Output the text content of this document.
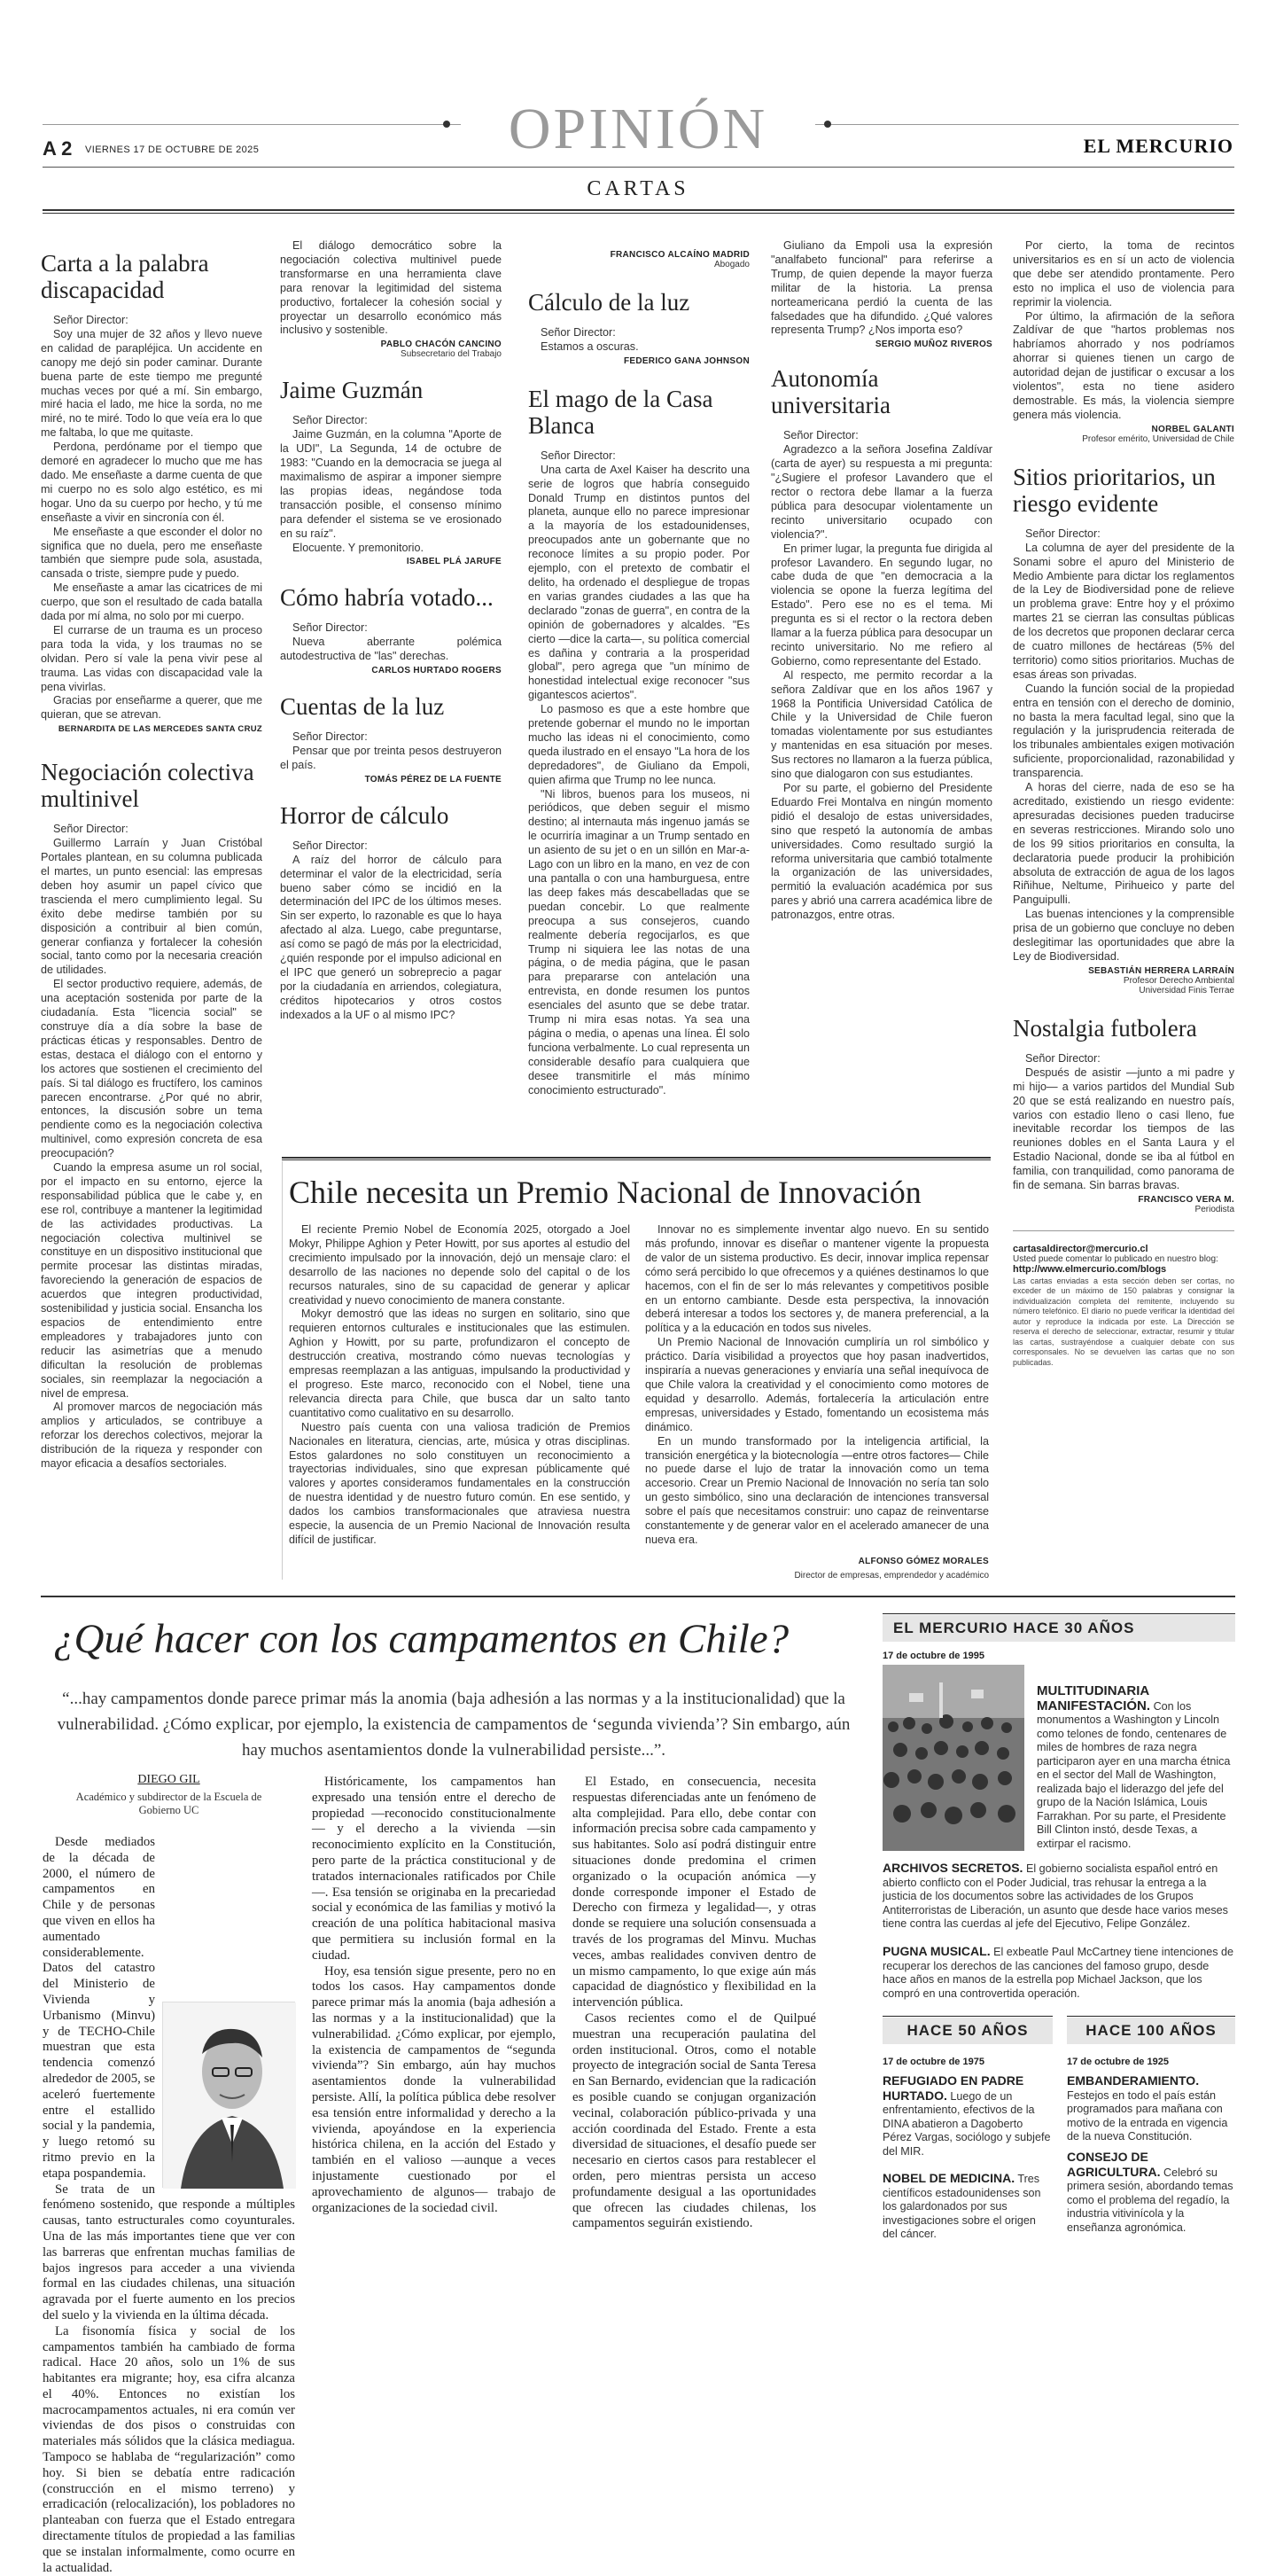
A 2 VIERNES 17 DE OCTUBRE DE 2025	OPINIÓN	EL MERCURIO
CARTAS
Carta a la palabra discapacidad

Señor Director:

Soy una mujer de 32 años y llevo nueve en calidad de parapléjica. Un accidente en canopy me dejó sin poder caminar. Durante buena parte de este tiempo me pregunté muchas veces por qué a mí. Sin embargo, miré hacia el lado, me hice la sorda, no me miré, no te miré. Todo lo que veía era lo que me faltaba, lo que me quitaste.

Perdona, perdóname por el tiempo que demoré en agradecer lo mucho que me has dado. Me enseñaste a darme cuenta de que mi cuerpo no es solo algo estético, es mi hogar. Uno da su cuerpo por hecho, y tú me enseñaste a vivir en sincronía con él.

Me enseñaste a que esconder el dolor no significa que no duela, pero me enseñaste también que siempre pude sola, asustada, cansada o triste, siempre pude y puedo.

Me enseñaste a amar las cicatrices de mi cuerpo, que son el resultado de cada batalla dada por mí alma, no solo por mi cuerpo.

El currarse de un trauma es un proceso para toda la vida, y los traumas no se olvidan. Pero sí vale la pena vivir pese al trauma. Las vidas con discapacidad vale la pena vivirlas.

Gracias por enseñarme a querer, que me quieran, que se atrevan.

BERNARDITA DE LAS MERCEDES SANTA CRUZ
Negociación colectiva multinivel

Señor Director:

Guillermo Larraín y Juan Cristóbal Portales plantean, en su columna publicada el martes, un punto esencial: las empresas deben hoy asumir un papel cívico que trascienda el mero cumplimiento legal. Su éxito debe medirse también por su disposición a contribuir al bien común, generar confianza y fortalecer la cohesión social, tanto como por la necesaria creación de utilidades.

El sector productivo requiere, además, de una aceptación sostenida por parte de la ciudadanía. Esta "licencia social" se construye día a día sobre la base de prácticas éticas y responsables. Dentro de estas, destaca el diálogo con el entorno y los actores que sostienen el crecimiento del país. Si tal diálogo es fructífero, los caminos parecen encontrarse. ¿Por qué no abrir, entonces, la discusión sobre un tema pendiente como es la negociación colectiva multinivel, como expresión concreta de esa preocupación?

Cuando la empresa asume un rol social, por el impacto en su entorno, ejerce la responsabilidad pública que le cabe y, en ese rol, contribuye a mantener la legitimidad de las actividades productivas. La negociación colectiva multinivel se constituye en un dispositivo institucional que permite procesar las distintas miradas, favoreciendo la generación de espacios de acuerdos que integren productividad, sostenibilidad y justicia social. Ensancha los espacios de entendimiento entre empleadores y trabajadores junto con reducir las asimetrías que a menudo dificultan la resolución de problemas sociales, sin reemplazar la negociación a nivel de empresa.

Al promover marcos de negociación más amplios y articulados, se contribuye a reforzar los derechos colectivos, mejorar la distribución de la riqueza y responder con mayor eficacia a desafíos sectoriales.

El diálogo democrático sobre la negociación colectiva multinivel puede transformarse en una herramienta clave para renovar la legitimidad del sistema productivo, fortalecer la cohesión social y proyectar un desarrollo económico más inclusivo y sostenible.

PABLO CHACÓN CANCINO
Subsecretario del Trabajo
Jaime Guzmán

Señor Director:

Jaime Guzmán, en la columna "Aporte de la UDI", La Segunda, 14 de octubre de 1983: "Cuando en la democracia se juega al maximalismo de aspirar a imponer siempre las propias ideas, negándose toda transacción posible, el consenso mínimo para defender el sistema se ve erosionado en su raíz".

Elocuente. Y premonitorio.

ISABEL PLÁ JARUFE
Cómo habría votado...

Señor Director:

Nueva aberrante polémica autodestructiva de "las" derechas.

CARLOS HURTADO ROGERS
Cuentas de la luz

Señor Director:

Pensar que por treinta pesos destruyeron el país.

TOMÁS PÉREZ DE LA FUENTE
Horror de cálculo

Señor Director:

A raíz del horror de cálculo para determinar el valor de la electricidad, sería bueno saber cómo se incidió en la determinación del IPC de los últimos meses. Sin ser experto, lo razonable es que lo haya afectado al alza. Luego, cabe preguntarse, así como se pagó de más por la electricidad, ¿quién responde por el impulso adicional en el IPC que generó un sobreprecio a pagar por la ciudadanía en arriendos, colegiatura, créditos hipotecarios y otros costos indexados a la UF o al mismo IPC?

FRANCISCO ALCAÍNO MADRID
Abogado
Cálculo de la luz

Señor Director:

Estamos a oscuras.

FEDERICO GANA JOHNSON
El mago de la Casa Blanca

Señor Director:

Una carta de Axel Kaiser ha descrito una serie de logros que habría conseguido Donald Trump en distintos puntos del planeta, aunque ello no parece impresionar a la mayoría de los estadounidenses, preocupados ante un gobernante que no reconoce límites a su propio poder. Por ejemplo, con el pretexto de combatir el delito, ha ordenado el despliegue de tropas en varias grandes ciudades a las que ha declarado "zonas de guerra", en contra de la opinión de gobernadores y alcaldes. "Es cierto —dice la carta—, su política comercial es dañina y contraria a la prosperidad global", pero agrega que "un mínimo de honestidad intelectual exige reconocer "sus gigantescos aciertos".

Lo pasmoso es que a este hombre que pretende gobernar el mundo no le importan mucho las ideas ni el conocimiento, como queda ilustrado en el ensayo "La hora de los depredadores", de Giuliano da Empoli, quien afirma que Trump no lee nunca.

"Ni libros, buenos para los museos, ni periódicos, que deben seguir el mismo destino; al internauta más ingenuo jamás se le ocurriría imaginar a un Trump sentado en un asiento de su jet o en un sillón en Mar-a-Lago con un libro en la mano, en vez de con una pantalla o con una hamburguesa, entre las deep fakes más descabelladas que se puedan concebir. Lo que realmente preocupa a sus consejeros, cuando realmente debería regocijarlos, es que Trump ni siquiera lee las notas de una página, o de media página, que le pasan para prepararse con antelación una entrevista, en donde resumen los puntos esenciales del asunto que se debe tratar. Trump ni mira esas notas. Ya sea una página o media, o apenas una línea. Él solo funciona verbalmente. Lo cual representa un considerable desafío para cualquiera que desee transmitirle el más mínimo conocimiento estructurado".

Giuliano da Empoli usa la expresión "analfabeto funcional" para referirse a Trump, de quien depende la mayor fuerza militar de la historia. La prensa norteamericana perdió la cuenta de las falsedades que ha difundido. ¿Qué valores representa Trump? ¿Nos importa eso?

SERGIO MUÑOZ RIVEROS
Autonomía universitaria

Señor Director:

Agradezco a la señora Josefina Zaldívar (carta de ayer) su respuesta a mi pregunta: "¿Sugiere el profesor Lavandero que el rector o rectora debe llamar a la fuerza pública para desocupar violentamente un recinto universitario ocupado con violencia?".

En primer lugar, la pregunta fue dirigida al profesor Lavandero. En segundo lugar, no cabe duda de que "en democracia a la violencia se opone la fuerza legítima del Estado". Pero ese no es el tema. Mi pregunta es si el rector o la rectora deben llamar a la fuerza pública para desocupar un recinto universitario. No me refiero al Gobierno, como representante del Estado.

Al respecto, me permito recordar a la señora Zaldívar que en los años 1967 y 1968 la Pontificia Universidad Católica de Chile y la Universidad de Chile fueron tomadas violentamente por sus estudiantes y mantenidas en esa situación por meses. Sus rectores no llamaron a la fuerza pública, sino que dialogaron con sus estudiantes.

Por su parte, el gobierno del Presidente Eduardo Frei Montalva en ningún momento pidió el desalojo de estas universidades, sino que respetó la autonomía de ambas universidades. Como resultado surgió la reforma universitaria que cambió totalmente la organización de las universidades, permitió la evaluación académica por sus pares y abrió una carrera académica libre de patronazgos, entre otras.

Por cierto, la toma de recintos universitarios es en sí un acto de violencia que debe ser atendido prontamente. Pero esto no implica el uso de violencia para reprimir la violencia.

Por último, la afirmación de la señora Zaldívar de que "hartos problemas nos habríamos ahorrado y nos podríamos ahorrar si quienes tienen un cargo de autoridad dejan de justificar o excusar a los violentos", esta no tiene asidero demostrable. Es más, la violencia siempre genera más violencia.

NORBEL GALANTI
Profesor emérito, Universidad de Chile
Sitios prioritarios, un riesgo evidente

Señor Director:

La columna de ayer del presidente de la Sonami sobre el apuro del Ministerio de Medio Ambiente para dictar los reglamentos de la Ley de Biodiversidad pone de relieve un problema grave: Entre hoy y el próximo martes 21 se cierran las consultas públicas de los decretos que proponen declarar cerca de cuatro millones de hectáreas (5% del territorio) como sitios prioritarios. Muchas de esas áreas son privadas.

Cuando la función social de la propiedad entra en tensión con el derecho de dominio, no basta la mera facultad legal, sino que la regulación y la jurisprudencia reiterada de los tribunales ambientales exigen motivación suficiente, proporcionalidad, razonabilidad y transparencia.

A horas del cierre, nada de eso se ha acreditado, existiendo un riesgo evidente: apresuradas decisiones pueden traducirse en severas restricciones. Mirando solo uno de los 99 sitios prioritarios en consulta, la declaratoria puede producir la prohibición absoluta de extracción de agua de los lagos Riñihue, Neltume, Pirihueico y parte del Panguipulli.

Las buenas intenciones y la comprensible prisa de un gobierno que concluye no deben deslegitimar las oportunidades que abre la Ley de Biodiversidad.

SEBASTIÁN HERRERA LARRAÍN
Profesor Derecho Ambiental Universidad Finis Terrae
Nostalgia futbolera

Señor Director:

Después de asistir —junto a mi padre y mi hijo— a varios partidos del Mundial Sub 20 que se está realizando en nuestro país, varios con estadio lleno o casi lleno, fue inevitable recordar los tiempos de las reuniones dobles en el Santa Laura y el Estadio Nacional, donde se iba al fútbol en familia, con tranquilidad, como panorama de fin de semana. Sin barras bravas.

FRANCISCO VERA M.
Periodista
cartasaldirector@mercurio.cl
Usted puede comentar lo publicado en nuestro blog:
http://www.elmercurio.com/blogs
Las cartas enviadas a esta sección deben ser cortas, no exceder de un máximo de 150 palabras y consignar la individualización completa del remitente, incluyendo su número telefónico. El diario no puede verificar la identidad del autor y reproduce la indicada por este. La Dirección se reserva el derecho de seleccionar, extractar, resumir y titular las cartas, sustrayéndose a cualquier debate con sus corresponsales. No se devuelven las cartas que no son publicadas.
Chile necesita un Premio Nacional de Innovación

El reciente Premio Nobel de Economía 2025, otorgado a Joel Mokyr, Philippe Aghion y Peter Howitt, por sus aportes al estudio del crecimiento impulsado por la innovación, dejó un mensaje claro: el desarrollo de las naciones no depende solo del capital o de los recursos naturales, sino de su capacidad de generar y aplicar creatividad y nuevo conocimiento de manera constante.

Mokyr demostró que las ideas no surgen en solitario, sino que requieren entornos culturales e institucionales que las estimulen. Aghion y Howitt, por su parte, profundizaron el concepto de destrucción creativa, mostrando cómo nuevas tecnologías y empresas reemplazan a las antiguas, impulsando la productividad y el progreso. Este marco, reconocido con el Nobel, tiene una relevancia directa para Chile, que busca dar un salto tanto cuantitativo como cualitativo en su desarrollo.

Nuestro país cuenta con una valiosa tradición de Premios Nacionales en literatura, ciencias, arte, música y otras disciplinas. Estos galardones no solo constituyen un reconocimiento a trayectorias individuales, sino que expresan públicamente qué valores y aportes consideramos fundamentales en la construcción de nuestra identidad y de nuestro futuro común. En ese sentido, y dados los cambios transformacionales que atraviesa nuestra especie, la ausencia de un Premio Nacional de Innovación resulta difícil de justificar.

Innovar no es simplemente inventar algo nuevo. En su sentido más profundo, innovar es diseñar o mantener vigente la propuesta de valor de un sistema productivo. Es decir, innovar implica repensar cómo será percibido lo que ofrecemos y a quiénes destinamos lo que hacemos, con el fin de ser lo más relevantes y competitivos posible en un entorno cambiante. Desde esta perspectiva, la innovación deberá interesar a todos los sectores y, de manera preferencial, a la política y a la educación en todos sus niveles.

Un Premio Nacional de Innovación cumpliría un rol simbólico y práctico. Daría visibilidad a proyectos que hoy pasan inadvertidos, inspiraría a nuevas generaciones y enviaría una señal inequívoca de que Chile valora la creatividad y el conocimiento como motores de equidad y desarrollo. Además, fortalecería la articulación entre empresas, universidades y Estado, fomentando un ecosistema más dinámico.

En un mundo transformado por la inteligencia artificial, la transición energética y la biotecnología —entre otros factores— Chile no puede darse el lujo de tratar la innovación como un tema accesorio. Crear un Premio Nacional de Innovación no sería tan solo un gesto simbólico, sino una declaración de intenciones transversal sobre el país que necesitamos construir: uno capaz de reinventarse constantemente y de generar valor en el acelerado amanecer de una nueva era.

ALFONSO GÓMEZ MORALES
Director de empresas, emprendedor y académico
¿Qué hacer con los campamentos en Chile?
“...hay campamentos donde parece primar más la anomia (baja adhesión a las normas y a la institucionalidad) que la vulnerabilidad. ¿Cómo explicar, por ejemplo, la existencia de campamentos de ‘segunda vivienda’? Sin embargo, aún hay muchos asentamientos donde la vulnerabilidad persiste...”.
DIEGO GIL
Académico y subdirector de la Escuela de Gobierno UC

Desde mediados de la década de 2000, el número de campamentos en Chile y de personas que viven en ellos ha aumentado considerablemente. Datos del catastro del Ministerio de Vivienda y Urbanismo (Minvu) y de TECHO-Chile muestran que esta tendencia comenzó alrededor de 2005, se aceleró fuertemente entre el estallido social y la pandemia, y luego retomó su ritmo previo en la etapa pospandemia.

Se trata de un fenómeno sostenido, que responde a múltiples causas, tanto estructurales como coyunturales. Una de las más importantes tiene que ver con las barreras que enfrentan muchas familias de bajos ingresos para acceder a una vivienda formal en las ciudades chilenas, una situación agravada por el fuerte aumento en los precios del suelo y la vivienda en la última década.

La fisonomía física y social de los campamentos también ha cambiado de forma radical. Hace 20 años, solo un 1% de sus habitantes era migrante; hoy, esa cifra alcanza el 40%. Entonces no existían los macrocampamentos actuales, ni era común ver viviendas de dos pisos o construidas con materiales más sólidos que la clásica mediagua. Tampoco se hablaba de “regularización” como hoy. Si bien se debatía entre radicación (construcción en el mismo terreno) y erradicación (relocalización), los pobladores no planteaban con fuerza que el Estado entregara directamente títulos de propiedad a las familias que se instalan informalmente, como ocurre en la actualidad.

Históricamente, los campamentos han expresado una tensión entre el derecho de propiedad —reconocido constitucionalmente— y el derecho a la vivienda —sin reconocimiento explícito en la Constitución, pero parte de la práctica constitucional y de tratados internacionales ratificados por Chile—. Esa tensión se originaba en la precariedad social y económica de las familias y motivó la creación de una política habitacional masiva que permitiera su inclusión formal en la ciudad.

Hoy, esa tensión sigue presente, pero no en todos los casos. Hay campamentos donde parece primar más la anomia (baja adhesión a las normas y a la institucionalidad) que la vulnerabilidad. ¿Cómo explicar, por ejemplo, la existencia de campamentos de “segunda vivienda”? Sin embargo, aún hay muchos asentamientos donde la vulnerabilidad persiste. Allí, la política pública debe resolver esa tensión entre informalidad y derecho a la vivienda, apoyándose en la experiencia histórica chilena, en la acción del Estado y también en el valioso —aunque a veces injustamente cuestionado por el aprovechamiento de algunos— trabajo de organizaciones de la sociedad civil.

El Estado, en consecuencia, necesita respuestas diferenciadas ante un fenómeno de alta complejidad. Para ello, debe contar con información precisa sobre cada campamento y sus habitantes. Solo así podrá distinguir entre situaciones donde predomina el crimen organizado o la ocupación anómica —y donde corresponde imponer el Estado de Derecho con firmeza y legalidad—, y otras donde se requiere una solución consensuada a través de los programas del Minvu. Muchas veces, ambas realidades conviven dentro de un mismo campamento, lo que exige aún más capacidad de diagnóstico y flexibilidad en la intervención pública.

Casos recientes como el de Quilpué muestran una recuperación paulatina del orden institucional. Otros, como el notable proyecto de integración social de Santa Teresa en San Bernardo, evidencian que la radicación es posible cuando se conjugan organización vecinal, colaboración público-privada y una acción coordinada del Estado. Frente a esta diversidad de situaciones, el desafío puede ser necesario en ciertos casos para restablecer el orden, pero mientras persista un acceso profundamente desigual a las oportunidades que ofrecen las ciudades chilenas, los campamentos seguirán existiendo.

EL MERCURIO HACE 30 AÑOS
17 de octubre de 1995
MULTITUDINARIA MANIFESTACIÓN. Con los monumentos a Washington y Lincoln como telones de fondo, centenares de miles de hombres de raza negra participaron ayer en una marcha étnica en el sector del Mall de Washington, realizada bajo el liderazgo del jefe del grupo de la Nación Islámica, Louis Farrakhan. Por su parte, el Presidente Bill Clinton instó, desde Texas, a extirpar el racismo.
ARCHIVOS SECRETOS. El gobierno socialista español entró en abierto conflicto con el Poder Judicial, tras rehusar la entrega a la justicia de los documentos sobre las actividades de los Grupos Antiterroristas de Liberación, un asunto que desde hace varios meses tiene contra las cuerdas al jefe del Ejecutivo, Felipe González.
PUGNA MUSICAL. El exbeatle Paul McCartney tiene intenciones de recuperar los derechos de las canciones del famoso grupo, desde hace años en manos de la estrella pop Michael Jackson, que los compró en una controvertida operación.
HACE 50 AÑOS
17 de octubre de 1975
REFUGIADO EN PADRE HURTADO. Luego de un enfrentamiento, efectivos de la DINA abatieron a Dagoberto Pérez Vargas, sociólogo y subjefe del MIR.
NOBEL DE MEDICINA. Tres científicos estadounidenses son los galardonados por sus investigaciones sobre el origen del cáncer.
HACE 100 AÑOS
17 de octubre de 1925
EMBANDERAMIENTO. Festejos en todo el país están programados para mañana con motivo de la entrada en vigencia de la nueva Constitución.
CONSEJO DE AGRICULTURA. Celebró su primera sesión, abordando temas como el problema del regadío, la industria vitivinícola y la enseñanza agronómica.
